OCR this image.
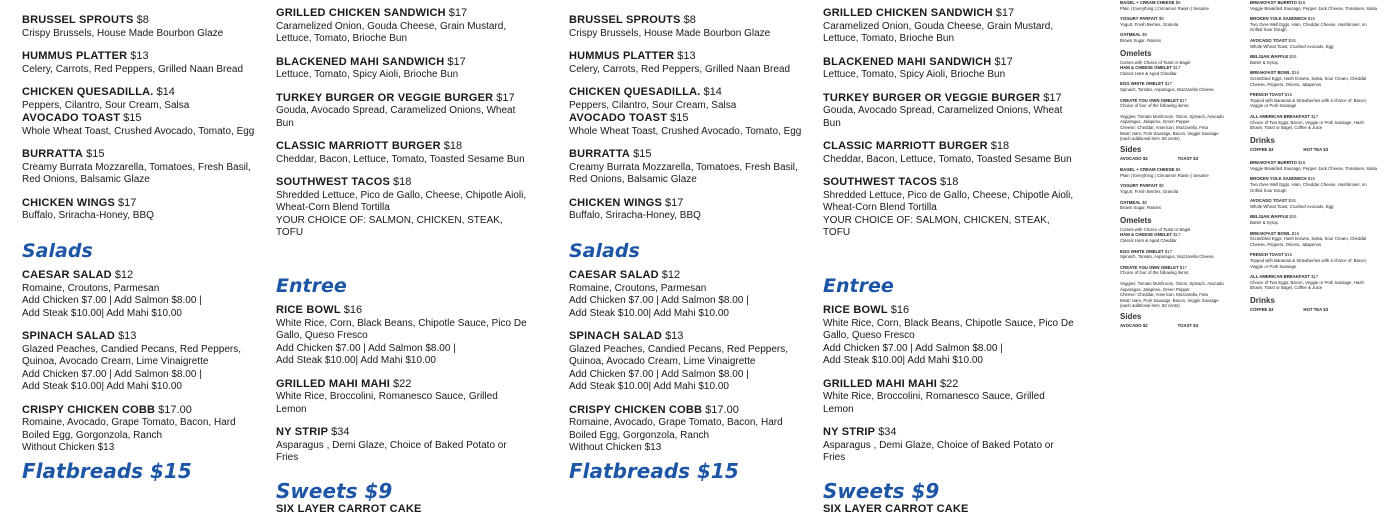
BRUSSEL SPROUTS $8
Crispy Brussels, House Made Bourbon Glaze
HUMMUS PLATTER $13
Celery, Carrots, Red Peppers, Grilled Naan Bread
CHICKEN QUESADILLA. $14
Peppers, Cilantro, Sour Cream, Salsa
AVOCADO TOAST $15
Whole Wheat Toast, Crushed Avocado, Tomato, Egg
BURRATTA $15
Creamy Burrata Mozzarella, Tomatoes, Fresh Basil, Red Onions, Balsamic Glaze
CHICKEN WINGS $17
Buffalo, Sriracha-Honey, BBQ
Salads
CAESAR SALAD $12
Romaine, Croutons, Parmesan
Add Chicken $7.00 | Add Salmon $8.00 |
Add Steak $10.00| Add Mahi $10.00
SPINACH SALAD $13
Glazed Peaches, Candied Pecans, Red Peppers, Quinoa, Avocado Cream, Lime Vinaigrette
Add Chicken $7.00 | Add Salmon $8.00 |
Add Steak $10.00| Add Mahi $10.00
CRISPY CHICKEN COBB $17.00
Romaine, Avocado, Grape Tomato, Bacon, Hard Boiled Egg, Gorgonzola, Ranch
Without Chicken $13
Flatbreads $15
GRILLED CHICKEN SANDWICH $17
Caramelized Onion, Gouda Cheese, Grain Mustard, Lettuce, Tomato, Brioche Bun
BLACKENED MAHI SANDWICH $17
Lettuce, Tomato, Spicy Aioli, Brioche Bun
TURKEY BURGER OR VEGGIE BURGER $17
Gouda, Avocado Spread, Caramelized Onions, Wheat Bun
CLASSIC MARRIOTT BURGER $18
Cheddar, Bacon, Lettuce, Tomato, Toasted Sesame Bun
SOUTHWEST TACOS $18
Shredded Lettuce, Pico de Gallo, Cheese, Chipotle Aioli, Wheat-Corn Blend Tortilla
YOUR CHOICE OF: SALMON, CHICKEN, STEAK, TOFU
Entree
RICE BOWL $16
White Rice, Corn, Black Beans, Chipotle Sauce, Pico De Gallo, Queso Fresco
Add Chicken $7.00 | Add Salmon $8.00 |
Add Steak $10.00| Add Mahi $10.00
GRILLED MAHI MAHI $22
White Rice, Broccolini, Romanesco Sauce, Grilled Lemon
NY STRIP $34
Asparagus , Demi Glaze, Choice of Baked Potato or Fries
Sweets $9
SIX LAYER CARROT CAKE
BRUSSEL SPROUTS $8
Crispy Brussels, House Made Bourbon Glaze
HUMMUS PLATTER $13
Celery, Carrots, Red Peppers, Grilled Naan Bread
CHICKEN QUESADILLA. $14
Peppers, Cilantro, Sour Cream, Salsa
AVOCADO TOAST $15
Whole Wheat Toast, Crushed Avocado, Tomato, Egg
BURRATTA $15
Creamy Burrata Mozzarella, Tomatoes, Fresh Basil, Red Onions, Balsamic Glaze
CHICKEN WINGS $17
Buffalo, Sriracha-Honey, BBQ
Salads
CAESAR SALAD $12
Romaine, Croutons, Parmesan
Add Chicken $7.00 | Add Salmon $8.00 |
Add Steak $10.00| Add Mahi $10.00
SPINACH SALAD $13
Glazed Peaches, Candied Pecans, Red Peppers, Quinoa, Avocado Cream, Lime Vinaigrette
Add Chicken $7.00 | Add Salmon $8.00 |
Add Steak $10.00| Add Mahi $10.00
CRISPY CHICKEN COBB $17.00
Romaine, Avocado, Grape Tomato, Bacon, Hard Boiled Egg, Gorgonzola, Ranch
Without Chicken $13
Flatbreads $15
GRILLED CHICKEN SANDWICH $17
Caramelized Onion, Gouda Cheese, Grain Mustard, Lettuce, Tomato, Brioche Bun
BLACKENED MAHI SANDWICH $17
Lettuce, Tomato, Spicy Aioli, Brioche Bun
TURKEY BURGER OR VEGGIE BURGER $17
Gouda, Avocado Spread, Caramelized Onions, Wheat Bun
CLASSIC MARRIOTT BURGER $18
Cheddar, Bacon, Lettuce, Tomato, Toasted Sesame Bun
SOUTHWEST TACOS $18
Shredded Lettuce, Pico de Gallo, Cheese, Chipotle Aioli, Wheat-Corn Blend Tortilla
YOUR CHOICE OF: SALMON, CHICKEN, STEAK, TOFU
Entree
RICE BOWL $16
White Rice, Corn, Black Beans, Chipotle Sauce, Pico De Gallo, Queso Fresco
Add Chicken $7.00 | Add Salmon $8.00 |
Add Steak $10.00| Add Mahi $10.00
GRILLED MAHI MAHI $22
White Rice, Broccolini, Romanesco Sauce, Grilled Lemon
NY STRIP $34
Asparagus , Demi Glaze, Choice of Baked Potato or Fries
Sweets $9
SIX LAYER CARROT CAKE
BAGEL + CREAM CHEESE $6
Plain | Everything | Cinnamon Raisin | Sesame
YOGURT PARFAIT $8
Yogurt, Fresh Berries, Granola
OATMEAL $8
Brown Sugar, Raisins
Omelets
Comes with Choice of Toast or Bagel
HAM & CHEESE OMELET $17
Classic Ham & Aged Cheddar
EGG WHITE OMELET $17
Spinach, Tomato, Asparagus, Mozzarella Cheese
CREATE YOU OWN OMELET $17
Choice of four of the following items;
Veggies: Tomato Mushroom, Onion, Spinach, Avocado Asparagus, Jalapeno, Green Pepper
Cheese: Cheddar, American, Mozzarella, Feta
Meat: Ham, Pork Sausage, Bacon, Veggie Sausage
(each additional item .50 cents)
Sides
AVOCADO $2	TOAST $3
BAGEL + CREAM CHEESE $6
Plain | Everything | Cinnamon Raisin | Sesame
YOGURT PARFAIT $8
Yogurt, Fresh Berries, Granola
OATMEAL $8
Brown Sugar, Raisins
Omelets
Comes with Choice of Toast or Bagel
HAM & CHEESE OMELET $17
Classic Ham & Aged Cheddar
EGG WHITE OMELET $17
Spinach, Tomato, Asparagus, Mozzarella Cheese
CREATE YOU OWN OMELET $17
Choice of four of the following items;
Veggies: Tomato Mushroom, Onion, Spinach, Avocado Asparagus, Jalapeno, Green Pepper
Cheese: Cheddar, American, Mozzarella, Feta
Meat: Ham, Pork Sausage, Bacon, Veggie Sausage
(each additional item .50 cents)
Sides
AVOCADO $2	TOAST $3
BREAKFAST BURRITO $15
Veggie Breakfast Sausage, Pepper Jack Cheese, Tomatoes, Salsa
BROKEN YOLK SANDWICH $15
Two Over-Well Eggs, Ham, Cheddar Cheese, Hashbrown, on Grilled Sour Dough
AVOCADO TOAST $15
Whole Wheat Toast, Crushed Avocado, Egg
BELGIAN WAFFLE $15
Butter & Syrup
BREAKFAST BOWL $16
Scrambled Eggs, Hash browns, Salsa, Sour Cream, Cheddar Cheese, Peppers, Onions, Jalapenos
FRENCH TOAST $16
Topped with Bananas & Strawberries with a choice of: Bacon, Veggie or Pork Sausage
ALL AMERICAN BREAKFAST $17
Choice of Two Eggs, Bacon, Veggie or Pork Sausage, Hash Brown, Toast or Bagel, Coffee & Juice
Drinks
COFFEE $3	HOT TEA $3
BREAKFAST BURRITO $15
Veggie Breakfast Sausage, Pepper Jack Cheese, Tomatoes, Salsa
BROKEN YOLK SANDWICH $15
Two Over-Well Eggs, Ham, Cheddar Cheese, Hashbrown, on Grilled Sour Dough
AVOCADO TOAST $15
Whole Wheat Toast, Crushed Avocado, Egg
BELGIAN WAFFLE $15
Butter & Syrup
BREAKFAST BOWL $16
Scrambled Eggs, Hash browns, Salsa, Sour Cream, Cheddar Cheese, Peppers, Onions, Jalapenos
FRENCH TOAST $16
Topped with Bananas & Strawberries with a choice of: Bacon, Veggie or Pork Sausage
ALL AMERICAN BREAKFAST $17
Choice of Two Eggs, Bacon, Veggie or Pork Sausage, Hash Brown, Toast or Bagel, Coffee & Juice
Drinks
COFFEE $3	HOT TEA $3
